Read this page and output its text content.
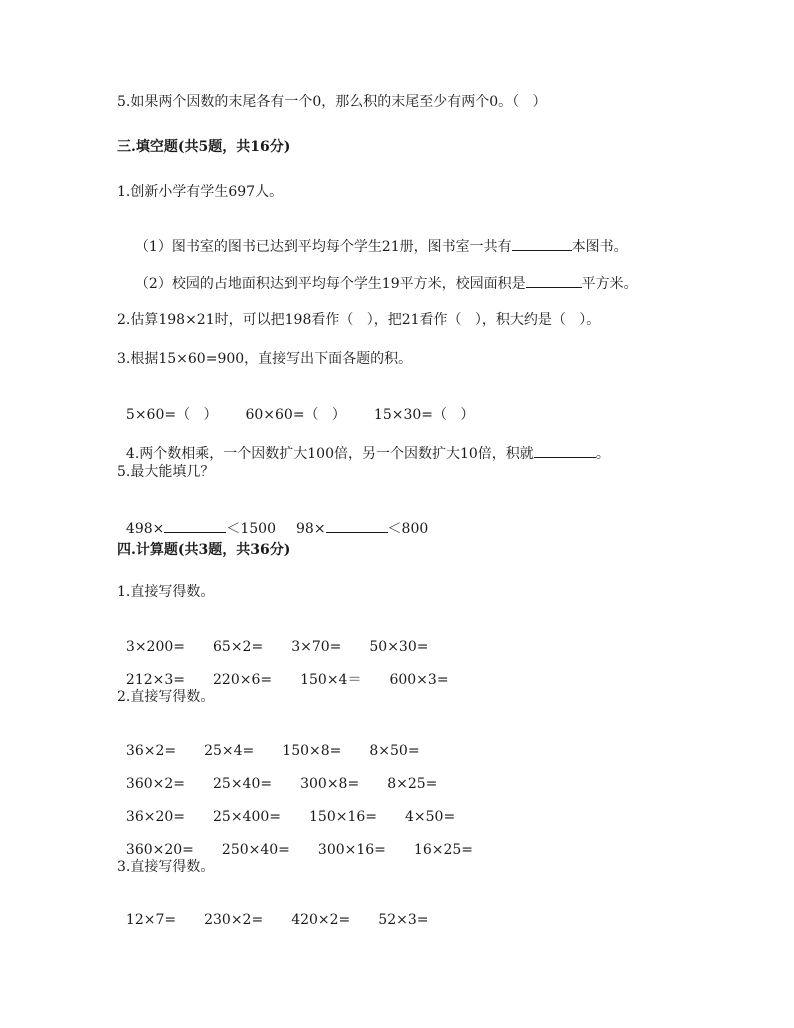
5.如果两个因数的末尾各有一个0，那么积的末尾至少有两个0。（   ）
三.填空题(共5题，共16分)
1.创新小学有学生697人。

（1）图书室的图书已达到平均每个学生21册，图书室一共有	本图书。

（2）校园的占地面积达到平均每个学生19平方米，校园面积是	平方米。

2.估算198×21时，可以把198看作（   ），把21看作（   ），积大约是（   ）。
3.根据15×60=900，直接写出下面各题的积。

5×60=（   ） 60×60=（   ） 15×30=（   ）

4.两个数相乘，一个因数扩大100倍，另一个因数扩大10倍，积就	。

5.最大能填几？

498×	＜1500 98×	＜800

四.计算题(共3题，共36分)
1.直接写得数。

3×200= 65×2= 3×70= 50×30=

212×3= 220×6= 150×4＝ 600×3=

2.直接写得数。

36×2= 25×4= 150×8= 8×50=

360×2= 25×40= 300×8= 8×25=

36×20= 25×400= 150×16= 4×50=

360×20= 250×40= 300×16= 16×25=

3.直接写得数。

12×7= 230×2= 420×2= 52×3=
